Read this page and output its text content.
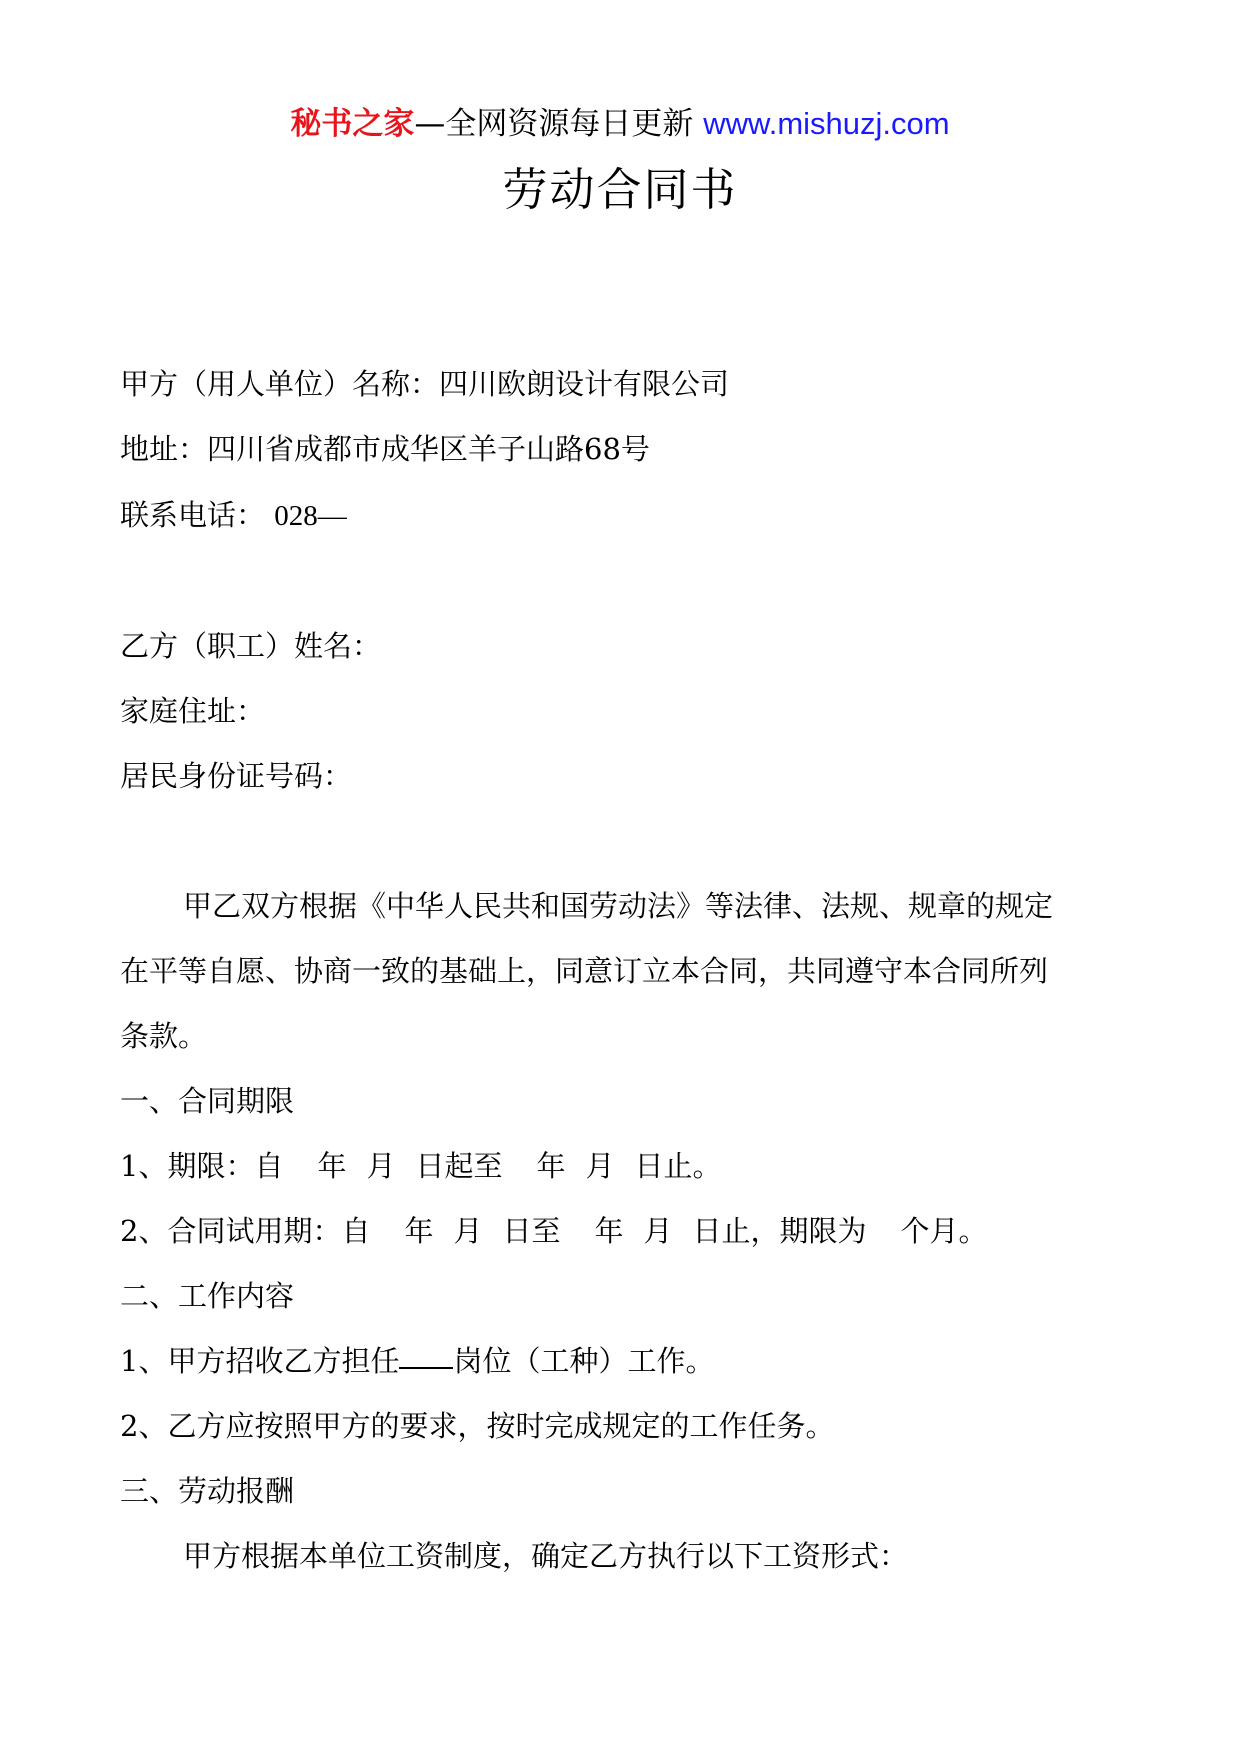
秘书之家—全网资源每日更新 www.mishuzj.com
劳动合同书
甲方（用人单位）名称：四川欧朗设计有限公司
地址：四川省成都市成华区羊子山路68号
联系电话： 028—
乙方（职工）姓名：
家庭住址：
居民身份证号码：
甲乙双方根据《中华人民共和国劳动法》等法律、法规、规章的规定
在平等自愿、协商一致的基础上，同意订立本合同，共同遵守本合同所列
条款。
一、合同期限
1、期限：自 年 月 日起至 年 月 日止。
2、合同试用期：自 年 月 日至 年 月 日止，期限为 个月。
二、工作内容
1、甲方招收乙方担任 岗位（工种）工作。
2、乙方应按照甲方的要求，按时完成规定的工作任务。
三、劳动报酬
甲方根据本单位工资制度，确定乙方执行以下工资形式：
